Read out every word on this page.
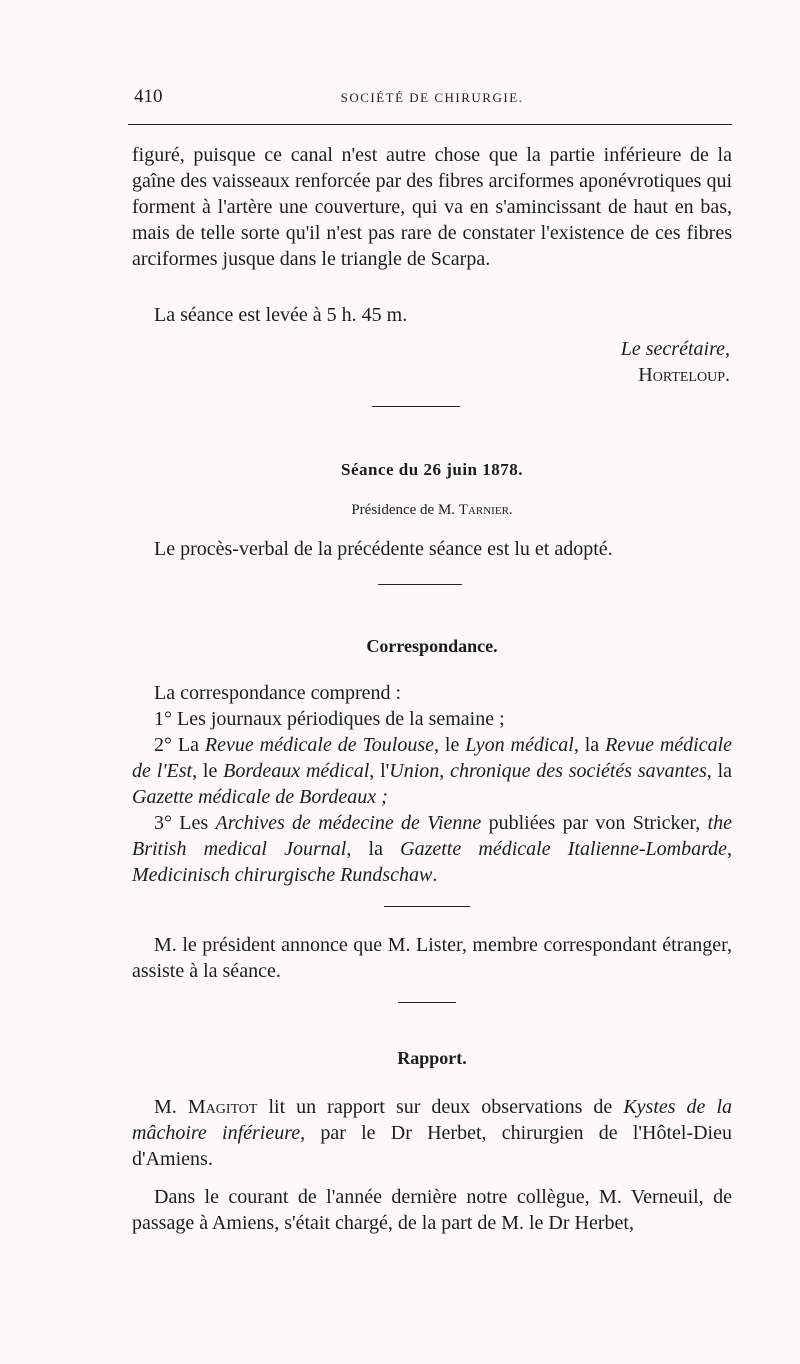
410	SOCIÉTÉ DE CHIRURGIE.

figuré, puisque ce canal n'est autre chose que la partie inférieure de la gaîne des vaisseaux renforcée par des fibres arciformes aponévrotiques qui forment à l'artère une couverture, qui va en s'amincissant de haut en bas, mais de telle sorte qu'il n'est pas rare de constater l'existence de ces fibres arciformes jusque dans le triangle de Scarpa.

La séance est levée à 5 h. 45 m.

Le secrétaire,
Horteloup.

Séance du 26 juin 1878.

Présidence de M. Tarnier.

Le procès-verbal de la précédente séance est lu et adopté.

Correspondance.

La correspondance comprend :
1° Les journaux périodiques de la semaine ;
2° La Revue médicale de Toulouse, le Lyon médical, la Revue médicale de l'Est, le Bordeaux médical, l'Union, chronique des sociétés savantes, la Gazette médicale de Bordeaux ;
3° Les Archives de médecine de Vienne publiées par von Stricker, the British medical Journal, la Gazette médicale Italienne-Lombarde, Medicinisch chirurgische Rundschaw.

M. le président annonce que M. Lister, membre correspondant étranger, assiste à la séance.

Rapport.

M. Magitot lit un rapport sur deux observations de Kystes de la mâchoire inférieure, par le Dr Herbet, chirurgien de l'Hôtel-Dieu d'Amiens.

Dans le courant de l'année dernière notre collègue, M. Verneuil, de passage à Amiens, s'était chargé, de la part de M. le Dr Herbet,
